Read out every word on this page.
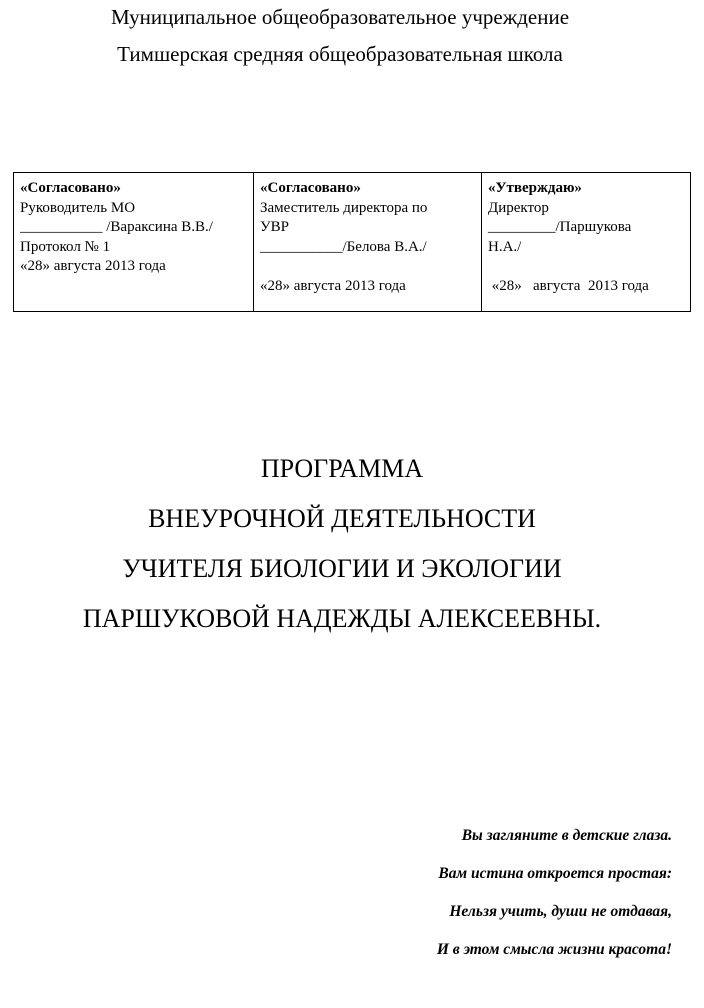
Муниципальное общеобразовательное учреждение
Тимшерская средняя общеобразовательная школа
«Согласовано»
Руководитель МО
___________ /Вараксина В.В./
Протокол № 1
«28» августа 2013 года
«Согласовано»
Заместитель директора по
УВР
___________/Белова В.А./
«28» августа 2013 года
«Утверждаю»
Директор
_________/Паршукова
Н.А./
«28»   августа  2013 года
ПРОГРАММА
ВНЕУРОЧНОЙ ДЕЯТЕЛЬНОСТИ
УЧИТЕЛЯ БИОЛОГИИ И ЭКОЛОГИИ
ПАРШУКОВОЙ НАДЕЖДЫ АЛЕКСЕЕВНЫ.
Вы загляните в детские глаза.
Вам истина откроется простая:
Нельзя учить, души не отдавая,
И в этом смысла жизни красота!
